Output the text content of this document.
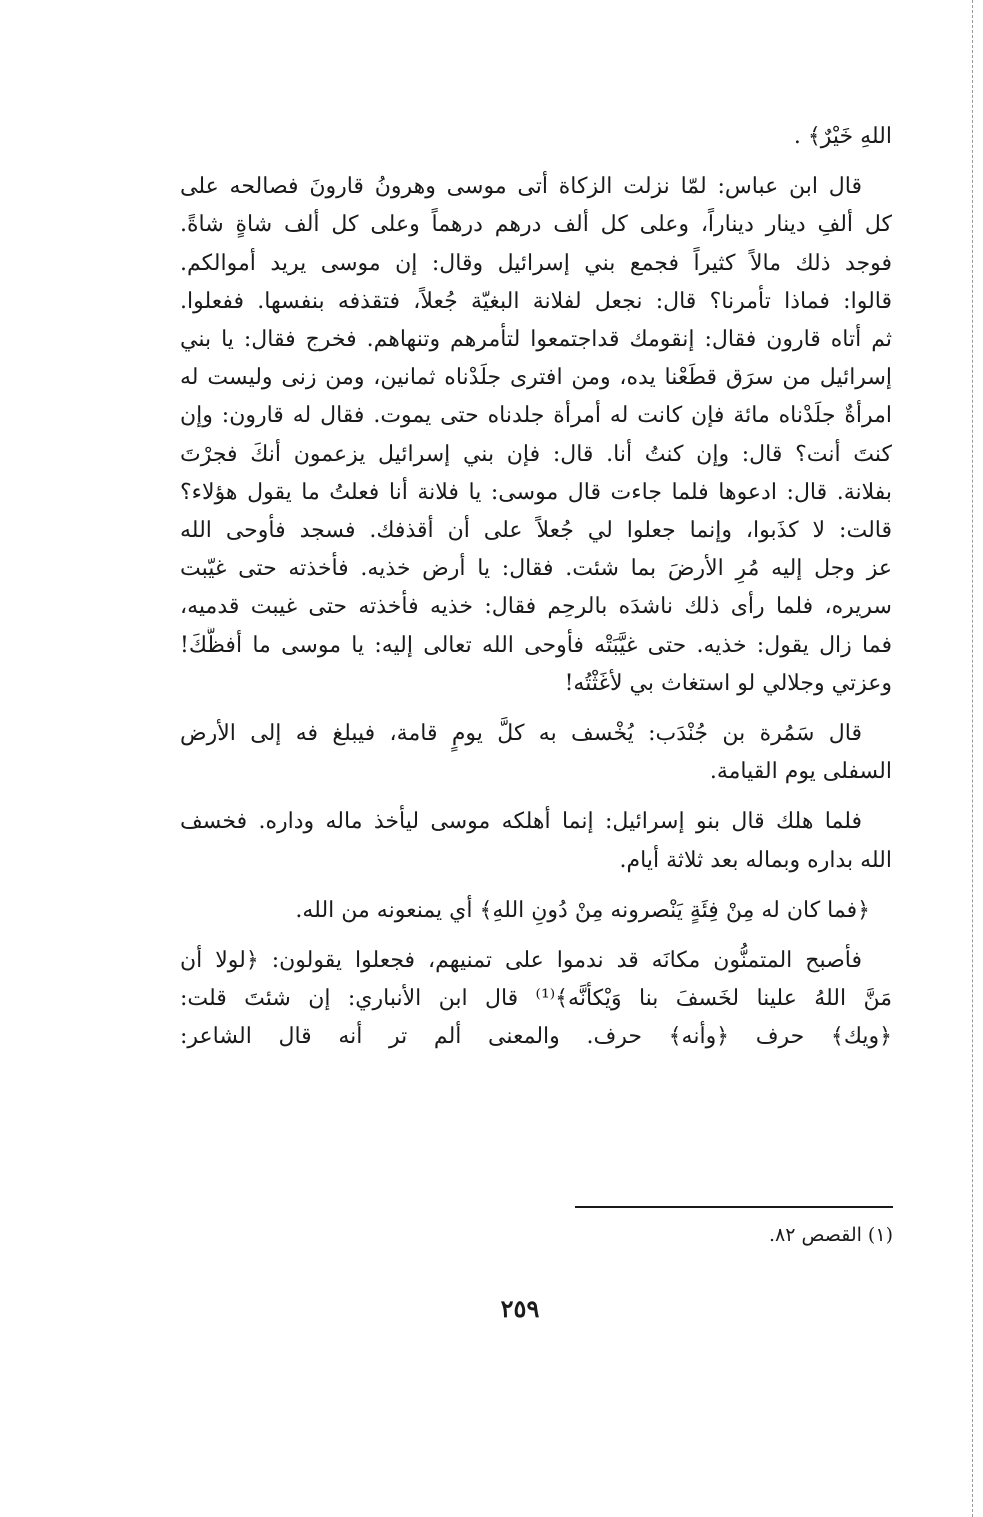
اللهِ خَيْرٌ﴾ .

قال ابن عباس: لمّا نزلت الزكاة أتى موسى وهرونُ قارونَ فصالحه على

كل ألفِ دينار ديناراً، وعلى كل ألف درهم درهماً وعلى كل ألف شاةٍ شاةً.

فوجد ذلك مالاً كثيراً فجمع بني إسرائيل وقال: إن موسى يريد أموالكم.

قالوا: فماذا تأمرنا؟ قال: نجعل لفلانة البغيّة جُعلاً، فتقذفه بنفسها. ففعلوا.

ثم أتاه قارون فقال: إنقومك قداجتمعوا لتأمرهم وتنهاهم. فخرج فقال: يا بني

إسرائيل من سرَق قطَعْنا يده، ومن افترى جلَدْناه ثمانين، ومن زنى وليست له

امرأةٌ جلَدْناه مائة فإن كانت له أمرأة جلدناه حتى يموت. فقال له قارون: وإن

كنتَ أنت؟ قال: وإن كنتُ أنا. قال: فإن بني إسرائيل يزعمون أنكَ فجرْتَ

بفلانة. قال: ادعوها فلما جاءت قال موسى: يا فلانة أنا فعلتُ ما يقول هؤلاء؟

قالت: لا كذَبوا، وإنما جعلوا لي جُعلاً على أن أقذفك. فسجد فأوحى الله

عز وجل إليه مُرِ الأرضَ بما شئت. فقال: يا أرض خذيه. فأخذته حتى غيّبت

سريره، فلما رأى ذلك ناشدَه بالرحِم فقال: خذيه فأخذته حتى غيبت قدميه،

فما زال يقول: خذيه. حتى غيَّبَتْه فأوحى الله تعالى إليه: يا موسى ما أفظَّكَ!

وعزتي وجلالي لو استغاث بي لأغَثْتُه!

قال سَمُرة بن جُنْدَب: يُخْسف به كلَّ يومٍ قامة، فيبلغ فه إلى الأرض

السفلى يوم القيامة.

فلما هلك قال بنو إسرائيل: إنما أهلكه موسى ليأخذ ماله وداره. فخسف

الله بداره وبماله بعد ثلاثة أيام.

﴿فما كان له مِنْ فِئَةٍ يَنْصرونه مِنْ دُونِ اللهِ﴾ أي يمنعونه من الله.

فأصبح المتمنُّون مكانَه قد ندموا على تمنيهم، فجعلوا يقولون: ﴿لولا أن

مَنَّ اللهُ علينا لخَسفَ بنا وَيْكأنَّه﴾⁽¹⁾ قال ابن الأنباري: إن شئتَ قلت:

﴿ويك﴾ حرف ﴿وأنه﴾ حرف. والمعنى ألم تر أنه قال الشاعر:

(١) القصص ٨٢.
٢٥٩
